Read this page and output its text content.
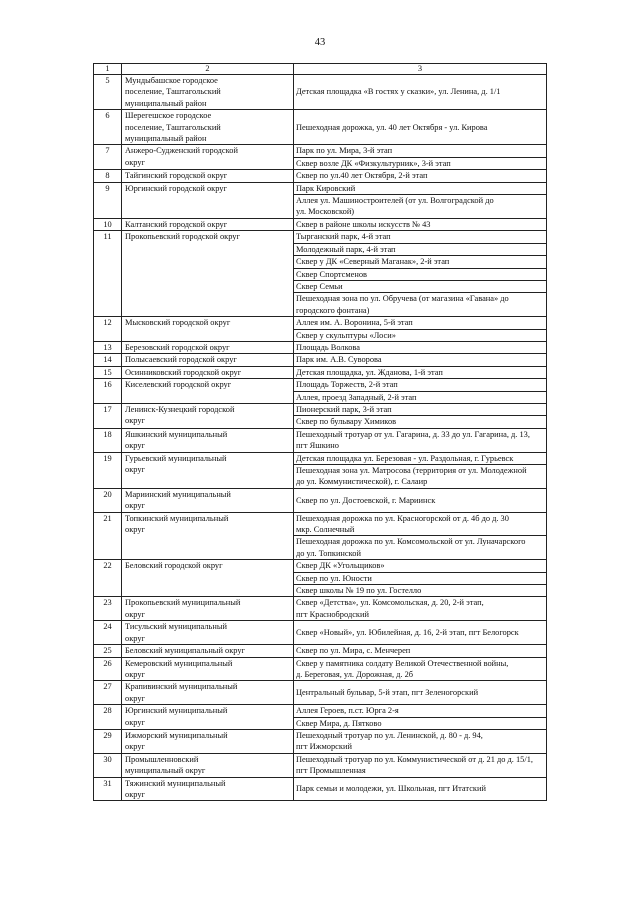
43
1	2	3
5	Мундыбашское городское
поселение, Таштагольский
муниципальный район	Детская площадка «В гостях у сказки», ул. Ленина, д. 1/1
6	Шерегешское городское
поселение, Таштагольский
муниципальный район	Пешеходная дорожка, ул. 40 лет Октября - ул. Кирова
7	Анжеро-Судженский городской
округ	Парк по ул. Мира, 3-й этап
		Сквер возле ДК «Физкультурник», 3-й этап
8	Тайгинский городской округ	Сквер по ул.40 лет Октября, 2-й этап
9	Юргинский городской округ	Парк Кировский
		Аллея ул. Машиностроителей (от ул. Волгоградской до
ул. Московской)
10	Калтанский городской округ	Сквер в районе школы искусств № 43
11	Прокопьевский городской округ	Тырганский парк, 4-й этап
		Молодежный парк, 4-й этап
		Сквер у ДК «Северный Маганак», 2-й этап
		Сквер Спортсменов
		Сквер Семьи
		Пешеходная зона по ул. Обручева (от магазина «Гавана» до
городского фонтана)
12	Мысковский городской округ	Аллея им. А. Воронина, 5-й этап
		Сквер у скульптуры «Лоси»
13	Березовский городской округ	Площадь Волкова
14	Полысаевский городской округ	Парк им. А.В. Суворова
15	Осинниковский городской округ	Детская площадка, ул. Жданова, 1-й этап
16	Киселевский городской округ	Площадь Торжеств, 2-й этап
		Аллея, проезд Западный, 2-й этап
17	Ленинск-Кузнецкий городской
округ	Пионерский парк, 3-й этап
		Сквер по бульвару Химиков
18	Яшкинский муниципальный
округ	Пешеходный тротуар от ул. Гагарина, д. 33 до ул. Гагарина, д. 13,
пгт Яшкино
19	Гурьевский муниципальный
округ	Детская площадка ул. Березовая - ул. Раздольная, г. Гурьевск
		Пешеходная зона ул. Матросова (территория от ул. Молодежной
до ул. Коммунистической), г. Салаир
20	Мариинский муниципальный
округ	Сквер по ул. Достоевской, г. Мариинск
21	Топкинский муниципальный
округ	Пешеходная дорожка по ул. Красногорской от д. 4б до д. 30
мкр. Солнечный
		Пешеходная дорожка по ул. Комсомольской от ул. Луначарского
до ул. Топкинской
22	Беловский городской округ	Сквер ДК «Угольщиков»
		Сквер по ул. Юности
		Сквер школы № 19 по ул. Гостелло
23	Прокопьевский муниципальный
округ	Сквер «Детства», ул. Комсомольская, д. 20, 2-й этап,
пгт Краснобродский
24	Тисульский муниципальный
округ	Сквер «Новый», ул. Юбилейная, д. 16, 2-й этап, пгт Белогорск
25	Беловский муниципальный округ	Сквер по ул. Мира, с. Менчереп
26	Кемеровский муниципальный
округ	Сквер у памятника солдату Великой Отечественной войны,
д. Береговая, ул. Дорожная, д. 2б
27	Крапивинский муниципальный
округ	Центральный бульвар, 5-й этап, пгт Зеленогорский
28	Юргинский муниципальный
округ	Аллея Героев, п.ст. Юрга 2-я
		Сквер Мира, д. Пятково
29	Ижморский муниципальный
округ	Пешеходный тротуар по ул. Ленинской, д. 80 - д. 94,
пгт Ижморский
30	Промышленновский
муниципальный округ	Пешеходный тротуар по ул. Коммунистической от д. 21 до д. 15/1,
пгт Промышленная
31	Тяжинский муниципальный
округ	Парк семьи и молодежи, ул. Школьная, пгт Итатский
